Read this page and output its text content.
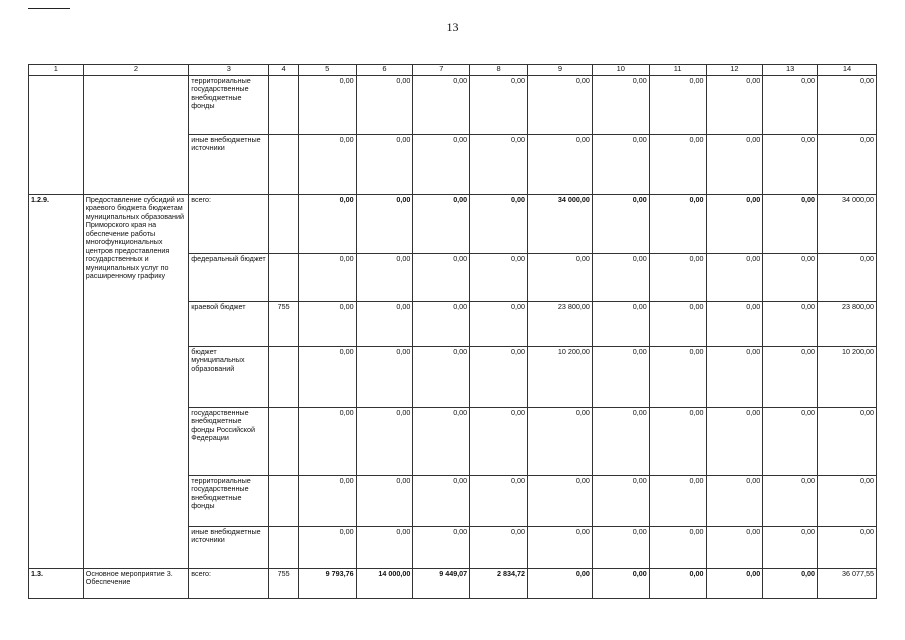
13
1	2	3	4	5	6	7	8	9	10	11	12	13	14
		территориальные государственные внебюджетные фонды		0,00	0,00	0,00	0,00	0,00	0,00	0,00	0,00	0,00	0,00
		иные внебюджетные источники		0,00	0,00	0,00	0,00	0,00	0,00	0,00	0,00	0,00	0,00
1.2.9.	Предоставление субсидий из краевого бюджета бюджетам муниципальных образований Приморского края на обеспечение работы многофункциональных центров предоставления государственных и муниципальных услуг по расширенному графику	всего:		0,00	0,00	0,00	0,00	34 000,00	0,00	0,00	0,00	0,00	34 000,00
		федеральный бюджет		0,00	0,00	0,00	0,00	0,00	0,00	0,00	0,00	0,00	0,00
		краевой бюджет	755	0,00	0,00	0,00	0,00	23 800,00	0,00	0,00	0,00	0,00	23 800,00
		бюджет муниципальных образований		0,00	0,00	0,00	0,00	10 200,00	0,00	0,00	0,00	0,00	10 200,00
		государственные внебюджетные фонды Российской Федерации		0,00	0,00	0,00	0,00	0,00	0,00	0,00	0,00	0,00	0,00
		территориальные государственные внебюджетные фонды		0,00	0,00	0,00	0,00	0,00	0,00	0,00	0,00	0,00	0,00
		иные внебюджетные источники		0,00	0,00	0,00	0,00	0,00	0,00	0,00	0,00	0,00	0,00
1.3.	Основное мероприятие 3. Обеспечение	всего:	755	9 793,76	14 000,00	9 449,07	2 834,72	0,00	0,00	0,00	0,00	0,00	36 077,55
